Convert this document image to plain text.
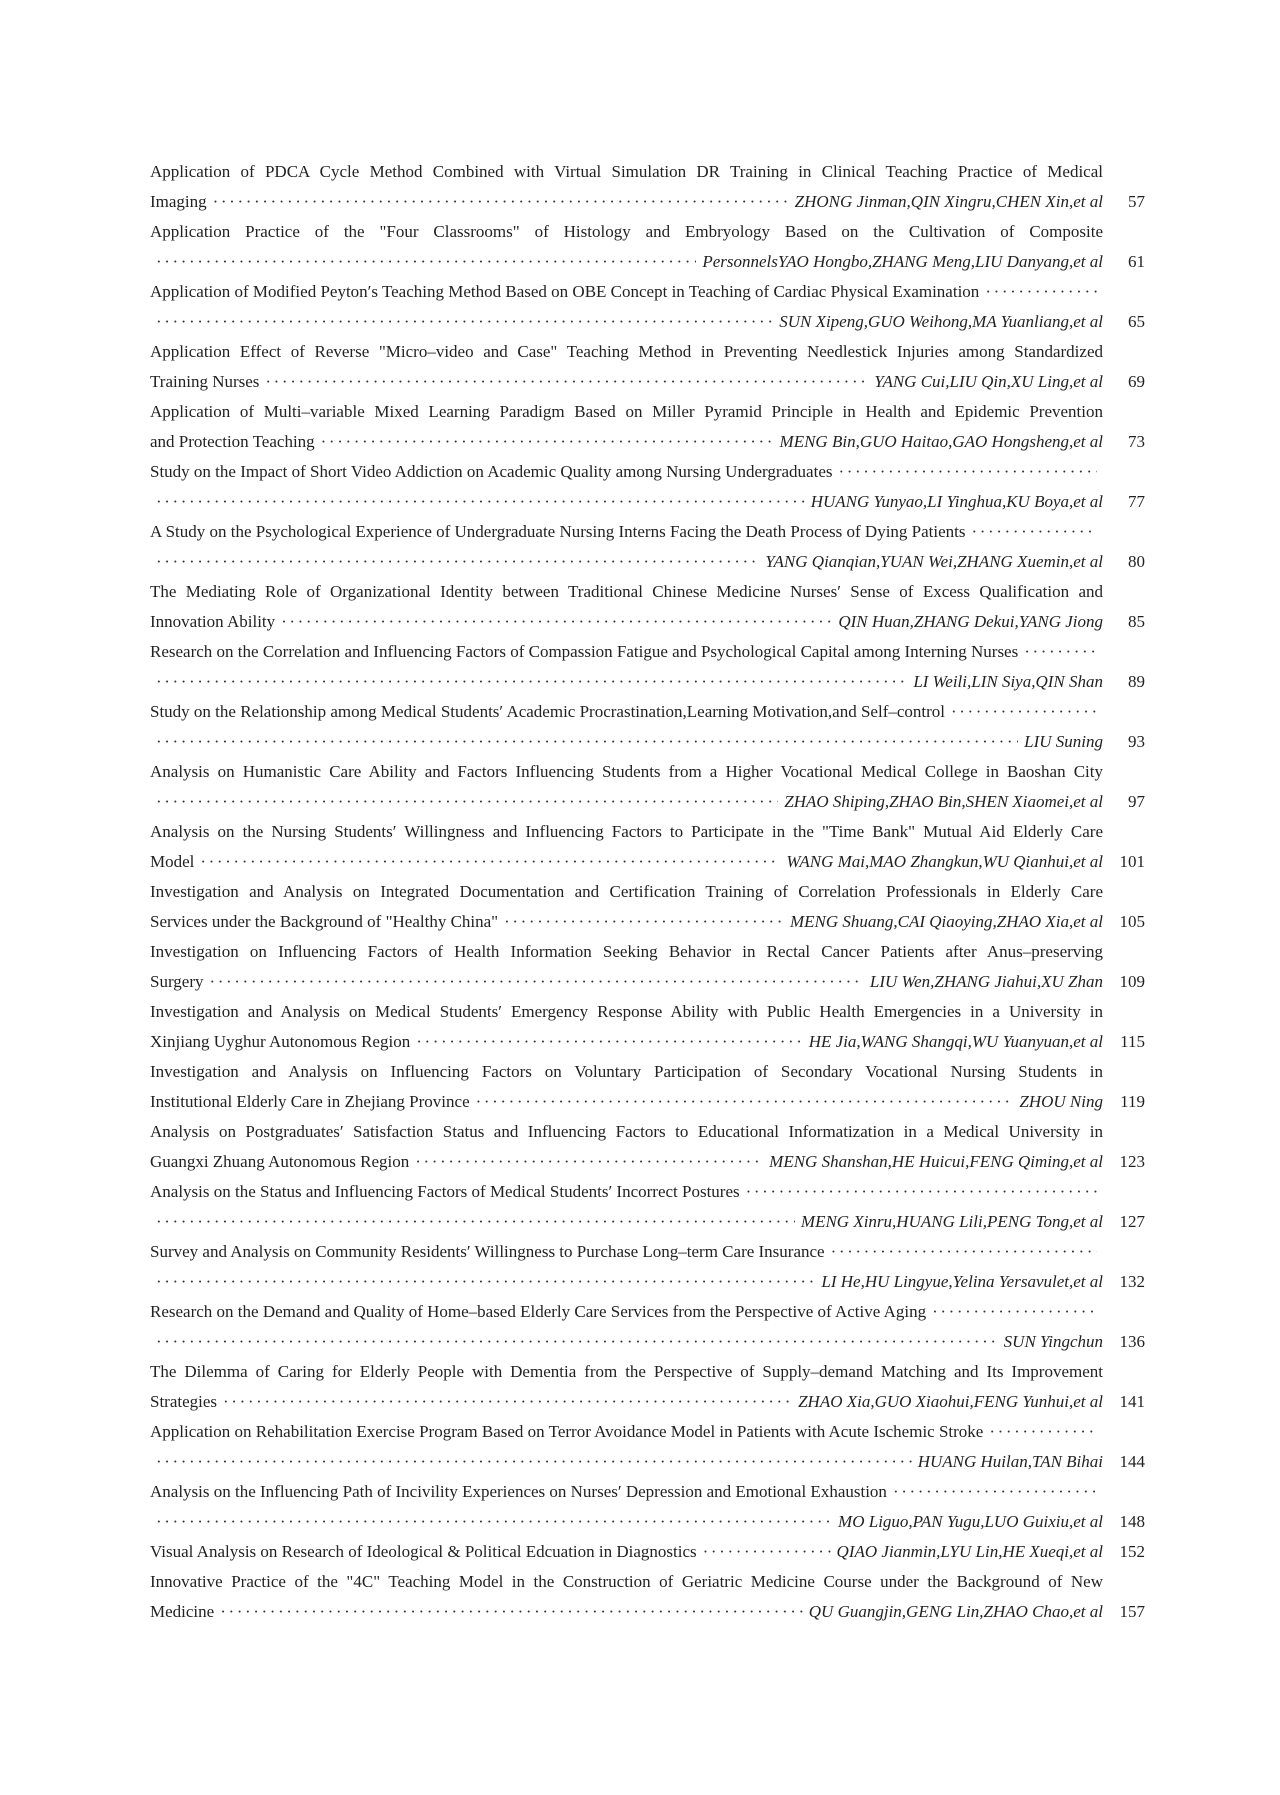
Application of PDCA Cycle Method Combined with Virtual Simulation DR Training in Clinical Teaching Practice of Medical
Imaging ·····	ZHONG Jinman,QIN Xingru,CHEN Xin,et al	57
Application Practice of the "Four Classrooms" of Histology and Embryology Based on the Cultivation of Composite
·····
PersonnelsYAO Hongbo,ZHANG Meng,LIU Danyang,et al	61
Application of Modified Peyton′s Teaching Method Based on OBE Concept in Teaching of Cardiac Physical Examination
·····
·····
SUN Xipeng,GUO Weihong,MA Yuanliang,et al	65
Application Effect of Reverse "Micro–video and Case" Teaching Method in Preventing Needlestick Injuries among Standardized
Training Nurses ·····	YANG Cui,LIU Qin,XU Ling,et al	69
Application of Multi–variable Mixed Learning Paradigm Based on Miller Pyramid Principle in Health and Epidemic Prevention
and Protection Teaching ·····	MENG Bin,GUO Haitao,GAO Hongsheng,et al	73
Study on the Impact of Short Video Addiction on Academic Quality among Nursing Undergraduates
·····
·····
HUANG Yunyao,LI Yinghua,KU Boya,et al	77
A Study on the Psychological Experience of Undergraduate Nursing Interns Facing the Death Process of Dying Patients
·····
·····
YANG Qianqian,YUAN Wei,ZHANG Xuemin,et al	80
The Mediating Role of Organizational Identity between Traditional Chinese Medicine Nurses′ Sense of Excess Qualification and
Innovation Ability ·····	QIN Huan,ZHANG Dekui,YANG Jiong	85
Research on the Correlation and Influencing Factors of Compassion Fatigue and Psychological Capital among Interning Nurses
·····
·····
LI Weili,LIN Siya,QIN Shan	89
Study on the Relationship among Medical Students′ Academic Procrastination,Learning Motivation,and Self–control
·····
·····
LIU Suning	93
Analysis on Humanistic Care Ability and Factors Influencing Students from a Higher Vocational Medical College in Baoshan City
·····
ZHAO Shiping,ZHAO Bin,SHEN Xiaomei,et al	97
Analysis on the Nursing Students′ Willingness and Influencing Factors to Participate in the "Time Bank" Mutual Aid Elderly Care
Model ·····	WANG Mai,MAO Zhangkun,WU Qianhui,et al 101
Investigation and Analysis on Integrated Documentation and Certification Training of Correlation Professionals in Elderly Care
Services under the Background of "Healthy China" ·····	MENG Shuang,CAI Qiaoying,ZHAO Xia,et al 105
Investigation on Influencing Factors of Health Information Seeking Behavior in Rectal Cancer Patients after Anus–preserving
Surgery ·····	LIU Wen,ZHANG Jiahui,XU Zhan 109
Investigation and Analysis on Medical Students′ Emergency Response Ability with Public Health Emergencies in a University in
Xinjiang Uyghur Autonomous Region ·····	HE Jia,WANG Shangqi,WU Yuanyuan,et al	115
Investigation and Analysis on Influencing Factors on Voluntary Participation of Secondary Vocational Nursing Students in
Institutional Elderly Care in Zhejiang Province ·····	ZHOU Ning	119
Analysis on Postgraduates′ Satisfaction Status and Influencing Factors to Educational Informatization in a Medical University in
Guangxi Zhuang Autonomous Region ·····	MENG Shanshan,HE Huicui,FENG Qiming,et al 123
Analysis on the Status and Influencing Factors of Medical Students′ Incorrect Postures
·····
·····
MENG Xinru,HUANG Lili,PENG Tong,et al 127
Survey and Analysis on Community Residents′ Willingness to Purchase Long–term Care Insurance
·····
·····
LI He,HU Lingyue,Yelina Yersavulet,et al 132
Research on the Demand and Quality of Home–based Elderly Care Services from the Perspective of Active Aging
·····
·····
SUN Yingchun 136
The Dilemma of Caring for Elderly People with Dementia from the Perspective of Supply–demand Matching and Its Improvement
Strategies ·····	ZHAO Xia,GUO Xiaohui,FENG Yunhui,et al 141
Application on Rehabilitation Exercise Program Based on Terror Avoidance Model in Patients with Acute Ischemic Stroke
·····
·····
HUANG Huilan,TAN Bihai 144
Analysis on the Influencing Path of Incivility Experiences on Nurses′ Depression and Emotional Exhaustion
·····
·····
MO Liguo,PAN Yugu,LUO Guixiu,et al 148
Visual Analysis on Research of Ideological & Political Edcuation in Diagnostics ·····	QIAO Jianmin,LYU Lin,HE Xueqi,et al 152
Innovative Practice of the "4C" Teaching Model in the Construction of Geriatric Medicine Course under the Background of New
Medicine ·····	QU Guangjin,GENG Lin,ZHAO Chao,et al 157
